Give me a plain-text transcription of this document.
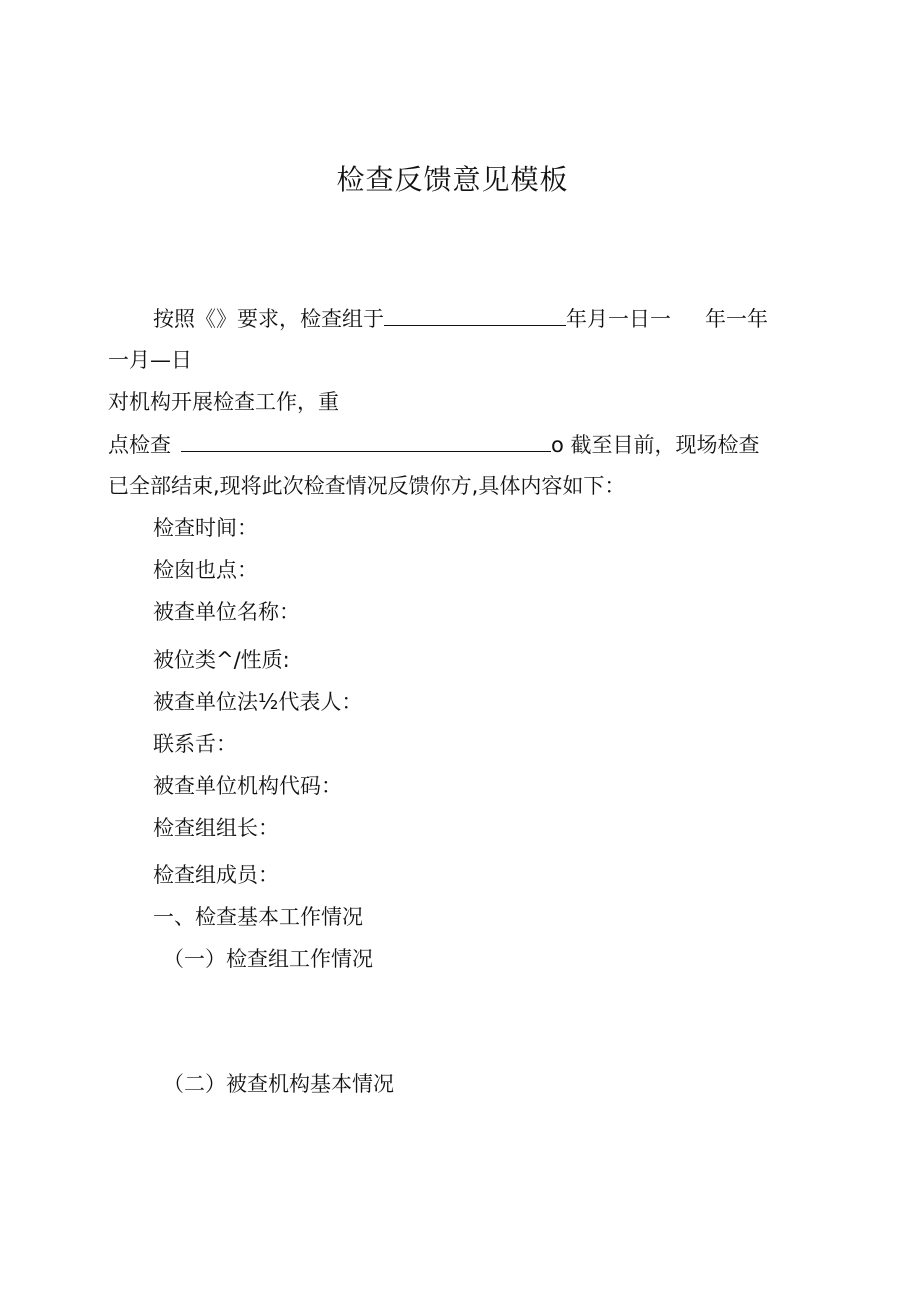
检查反馈意见模板
按照《》要求，检查组于	年月一日一 年一年
一月—日
对机构开展检查工作，重
点检查	o 截至目前，现场检查
已全部结束,现将此次检查情况反馈你方,具体内容如下：
检查时间：
检囱也点：
被查单位名称：
被位类^/性质:
被查单位法½代表人：
联系舌：
被查单位机构代码：
检查组组长：
检查组成员：
一、检查基本工作情况
（一）检查组工作情况
（二）被查机构基本情况
